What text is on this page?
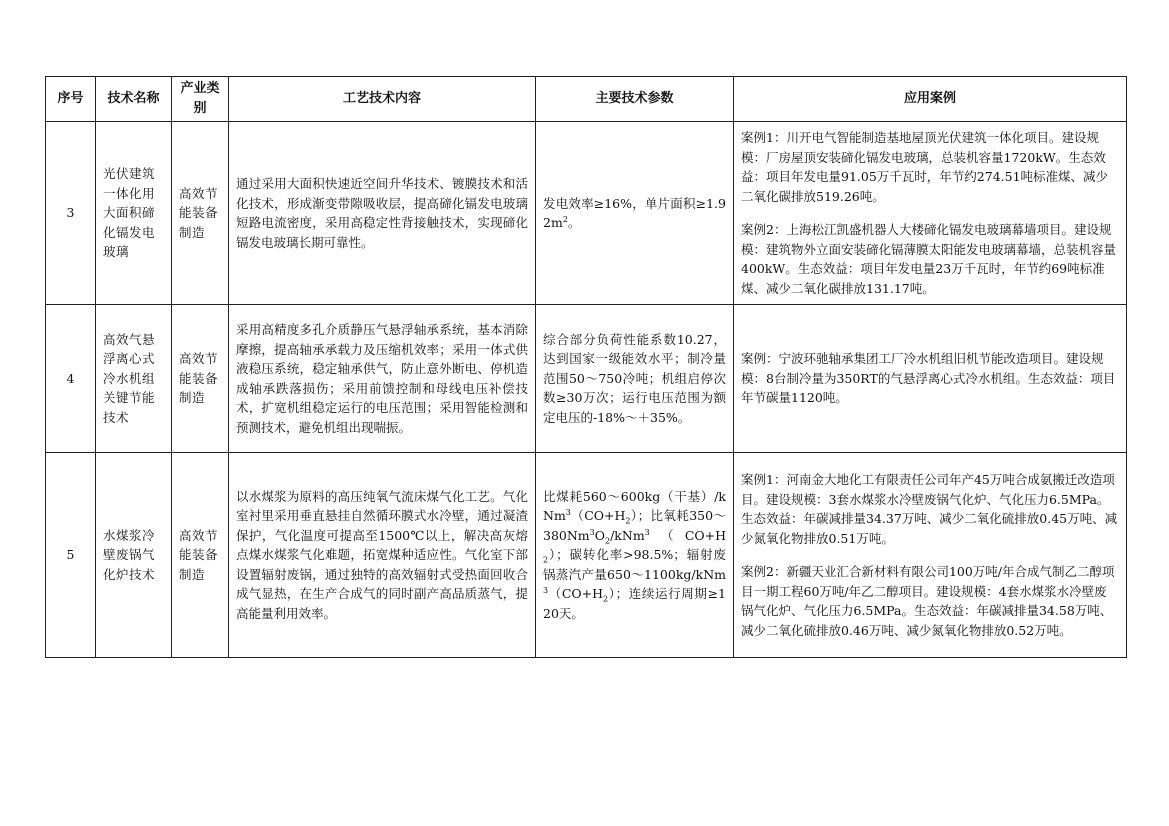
序号	技术名称	产业类别	工艺技术内容	主要技术参数	应用案例
3	光伏建筑一体化用大面积碲化镉发电玻璃	高效节能装备制造	通过采用大面积快速近空间升华技术、镀膜技术和活化技术，形成渐变带隙吸收层，提高碲化镉发电玻璃短路电流密度，采用高稳定性背接触技术，实现碲化镉发电玻璃长期可靠性。	发电效率≥16%，单片面积$\ge 1.92m^2$。	案例1：川开电气智能制造基地屋顶光伏建筑一体化项目。建设规模：厂房屋顶安装碲化镉发电玻璃，总装机容量1720kW。生态效益：项目年发电量91.05万千瓦时，年节约274.51吨标准煤、减少二氧化碳排放519.26吨。
案例2：上海松江凯盛机器人大楼碲化镉发电玻璃幕墙项目。建设规模：建筑物外立面安装碲化镉薄膜太阳能发电玻璃幕墙，总装机容量400kW。生态效益：项目年发电量23万千瓦时，年节约69吨标准煤、减少二氧化碳排放131.17吨。

4	高效气悬浮离心式冷水机组关键节能技术	高效节能装备制造	采用高精度多孔介质静压气悬浮轴承系统，基本消除摩擦，提高轴承承载力及压缩机效率；采用一体式供液稳压系统，稳定轴承供气，防止意外断电、停机造成轴承跌落损伤；采用前馈控制和母线电压补偿技术，扩宽机组稳定运行的电压范围；采用智能检测和预测技术，避免机组出现喘振。	综合部分负荷性能系数10.27，达到国家一级能效水平；制冷量范围50～750冷吨；机组启停次数≥30万次；运行电压范围为额定电压的-18%～＋35%。	案例：宁波环驰轴承集团工厂冷水机组旧机节能改造项目。建设规模：8台制冷量为350RT的气悬浮离心式冷水机组。生态效益：项目年节碳量1120吨。

5	水煤浆冷壁废锅气化炉技术	高效节能装备制造	以水煤浆为原料的高压纯氧气流床煤气化工艺。气化室衬里采用垂直悬挂自然循环膜式水冷壁，通过凝渣保护，气化温度可提高至1500℃以上，解决高灰熔点煤水煤浆气化难题，拓宽煤种适应性。气化室下部设置辐射废锅，通过独特的高效辐射式受热面回收合成气显热，在生产合成气的同时副产高品质蒸气，提高能量利用效率。	比煤耗560～600kg（干基）$/kNm^3(CO+H_2)$；比氧耗$350\sim 380Nm^3O_2/kNm^3(CO+H_2)$；碳转化率>98.5%；辐射废锅蒸汽产量$650\sim 1100kg/kNm^3(CO+H_2)$；连续运行周期≥120天。	案例1：河南金大地化工有限责任公司年产45万吨合成氨搬迁改造项目。建设规模：3套水煤浆水冷壁废锅气化炉、气化压力6.5MPa。生态效益：年碳减排量34.37万吨、减少二氧化硫排放0.45万吨、减少氮氧化物排放0.51万吨。
案例2：新疆天业汇合新材料有限公司100万吨/年合成气制乙二醇项目一期工程60万吨/年乙二醇项目。建设规模：4套水煤浆水冷壁废锅气化炉、气化压力6.5MPa。生态效益：年碳减排量34.58万吨、减少二氧化硫排放0.46万吨、减少氮氧化物排放0.52万吨。
